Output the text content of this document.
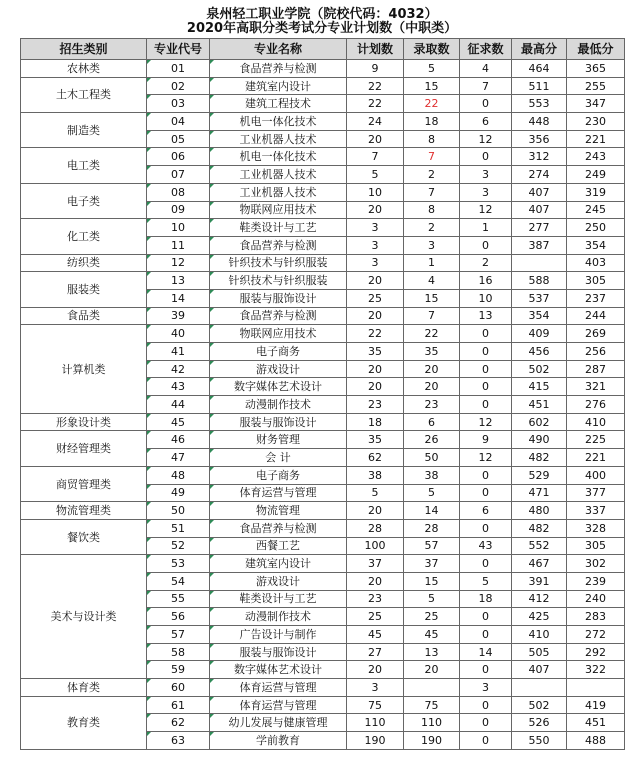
泉州轻工职业学院（院校代码：4032）
2020年高职分类考试分专业计划数（中职类）
招生类别	专业代号	专业名称	计划数	录取数	征求数	最高分	最低分
农林类	01	食品营养与检测	9	5	4	464	365
土木工程类	02	建筑室内设计	22	15	7	511	255
	03	建筑工程技术	22	22	0	553	347
制造类	04	机电一体化技术	24	18	6	448	230
	05	工业机器人技术	20	8	12	356	221
电工类	06	机电一体化技术	7	7	0	312	243
	07	工业机器人技术	5	2	3	274	249
电子类	08	工业机器人技术	10	7	3	407	319
	09	物联网应用技术	20	8	12	407	245
化工类	10	鞋类设计与工艺	3	2	1	277	250
	11	食品营养与检测	3	3	0	387	354
纺织类	12	针织技术与针织服装	3	1	2		403
服装类	13	针织技术与针织服装	20	4	16	588	305
	14	服装与服饰设计	25	15	10	537	237
食品类	39	食品营养与检测	20	7	13	354	244
计算机类	40	物联网应用技术	22	22	0	409	269
	41	电子商务	35	35	0	456	256
	42	游戏设计	20	20	0	502	287
	43	数字媒体艺术设计	20	20	0	415	321
	44	动漫制作技术	23	23	0	451	276
形象设计类	45	服装与服饰设计	18	6	12	602	410
财经管理类	46	财务管理	35	26	9	490	225
	47	会 计	62	50	12	482	221
商贸管理类	48	电子商务	38	38	0	529	400
	49	体育运营与管理	5	5	0	471	377
物流管理类	50	物流管理	20	14	6	480	337
餐饮类	51	食品营养与检测	28	28	0	482	328
	52	西餐工艺	100	57	43	552	305
美术与设计类	53	建筑室内设计	37	37	0	467	302
	54	游戏设计	20	15	5	391	239
	55	鞋类设计与工艺	23	5	18	412	240
	56	动漫制作技术	25	25	0	425	283
	57	广告设计与制作	45	45	0	410	272
	58	服装与服饰设计	27	13	14	505	292
	59	数字媒体艺术设计	20	20	0	407	322
体育类	60	体育运营与管理	3		3		
教育类	61	体育运营与管理	75	75	0	502	419
	62	幼儿发展与健康管理	110	110	0	526	451
	63	学前教育	190	190	0	550	488
